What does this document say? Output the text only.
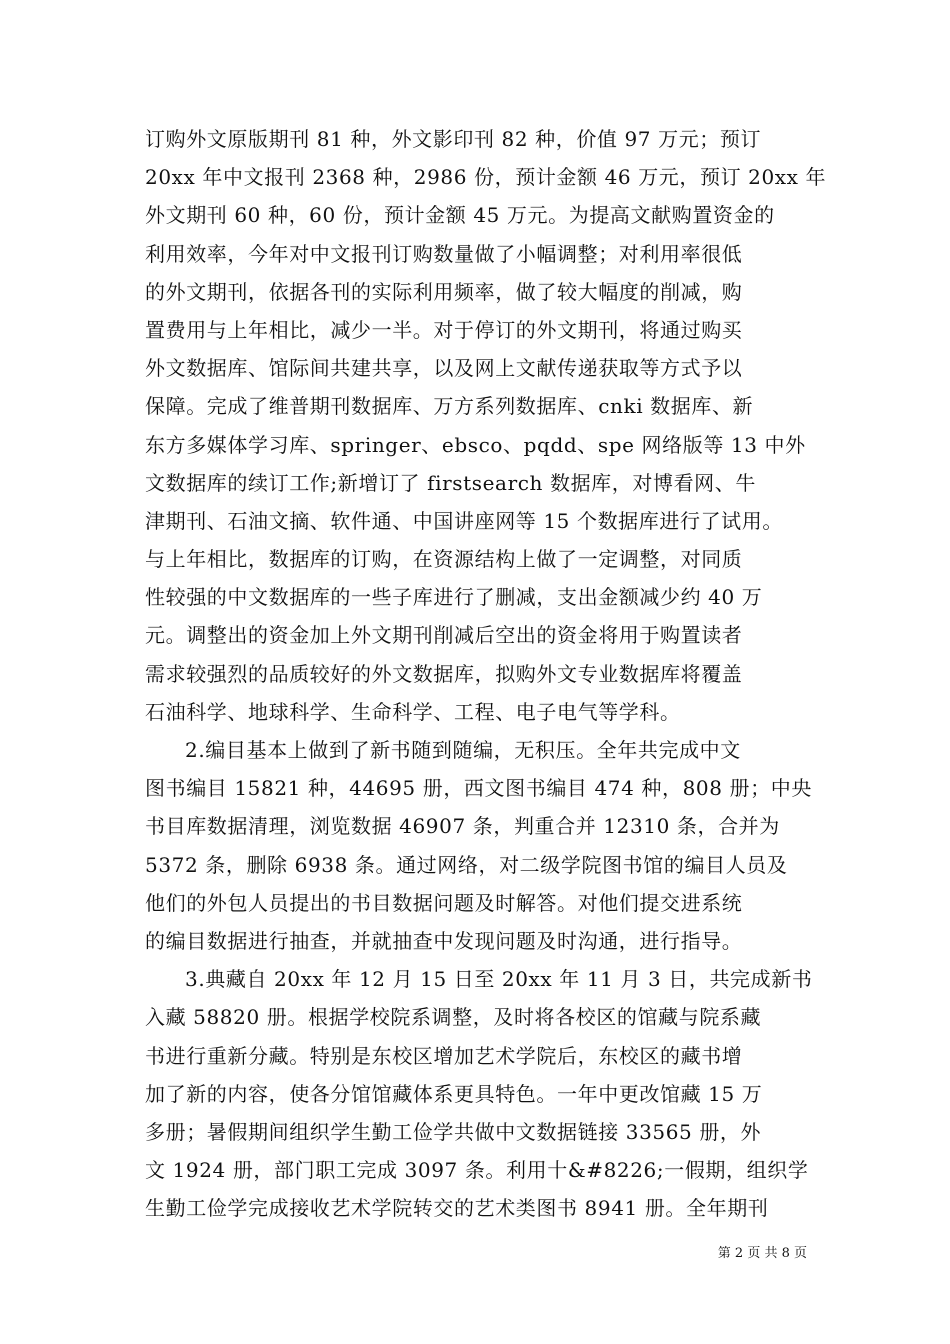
订购外文原版期刊 81 种，外文影印刊 82 种，价值 97 万元；预订
20xx 年中文报刊 2368 种，2986 份，预计金额 46 万元，预订 20xx 年
外文期刊 60 种，60 份，预计金额 45 万元。为提高文献购置资金的
利用效率，今年对中文报刊订购数量做了小幅调整；对利用率很低
的外文期刊，依据各刊的实际利用频率，做了较大幅度的削减，购
置费用与上年相比，减少一半。对于停订的外文期刊，将通过购买
外文数据库、馆际间共建共享，以及网上文献传递获取等方式予以
保障。完成了维普期刊数据库、万方系列数据库、cnki 数据库、新
东方多媒体学习库、springer、ebsco、pqdd、spe 网络版等 13 中外
文数据库的续订工作;新增订了 firstsearch 数据库，对博看网、牛
津期刊、石油文摘、软件通、中国讲座网等 15 个数据库进行了试用。
与上年相比，数据库的订购，在资源结构上做了一定调整，对同质
性较强的中文数据库的一些子库进行了删减，支出金额减少约 40 万
元。调整出的资金加上外文期刊削减后空出的资金将用于购置读者
需求较强烈的品质较好的外文数据库，拟购外文专业数据库将覆盖
石油科学、地球科学、生命科学、工程、电子电气等学科。
2.编目基本上做到了新书随到随编，无积压。全年共完成中文
图书编目 15821 种，44695 册，西文图书编目 474 种，808 册；中央
书目库数据清理，浏览数据 46907 条，判重合并 12310 条，合并为
5372 条，删除 6938 条。通过网络，对二级学院图书馆的编目人员及
他们的外包人员提出的书目数据问题及时解答。对他们提交进系统
的编目数据进行抽查，并就抽查中发现问题及时沟通，进行指导。
3.典藏自 20xx 年 12 月 15 日至 20xx 年 11 月 3 日，共完成新书
入藏 58820 册。根据学校院系调整，及时将各校区的馆藏与院系藏
书进行重新分藏。特别是东校区增加艺术学院后，东校区的藏书增
加了新的内容，使各分馆馆藏体系更具特色。一年中更改馆藏 15 万
多册；暑假期间组织学生勤工俭学共做中文数据链接 33565 册，外
文 1924 册，部门职工完成 3097 条。利用十&#8226;一假期，组织学
生勤工俭学完成接收艺术学院转交的艺术类图书 8941 册。全年期刊
第 2 页 共 8 页
